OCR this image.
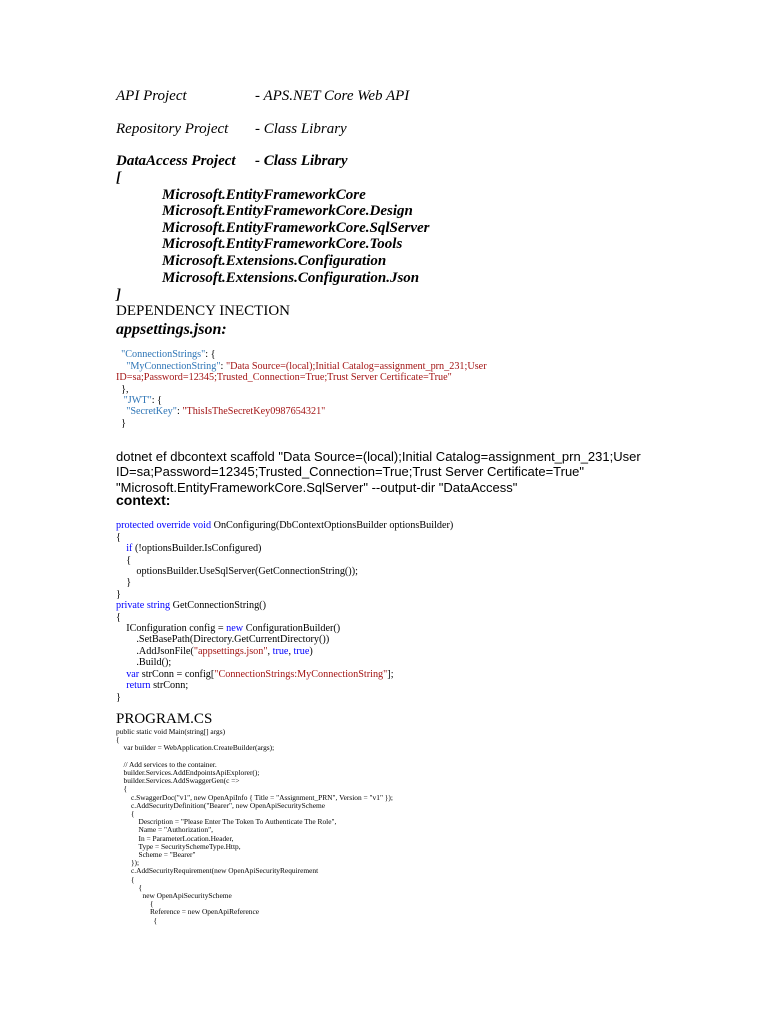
API Project	- APS.NET Core Web API
Repository Project - Class Library
DataAccess Project - Class Library
[
Microsoft.EntityFrameworkCore
Microsoft.EntityFrameworkCore.Design
Microsoft.EntityFrameworkCore.SqlServer
Microsoft.EntityFrameworkCore.Tools
Microsoft.Extensions.Configuration
Microsoft.Extensions.Configuration.Json
]
DEPENDENCY INECTION
appsettings.json:

"ConnectionStrings": {
"MyConnectionString": "Data Source=(local);Initial Catalog=assignment_prn_231;User
ID=sa;Password=12345;Trusted_Connection=True;Trust Server Certificate=True"
},
"JWT": {
"SecretKey": "ThisIsTheSecretKey0987654321"
}

dotnet ef dbcontext scaffold "Data Source=(local);Initial Catalog=assignment_prn_231;User
ID=sa;Password=12345;Trusted_Connection=True;Trust Server Certificate=True"
"Microsoft.EntityFrameworkCore.SqlServer" --output-dir "DataAccess"

context:

protected override void OnConfiguring(DbContextOptionsBuilder optionsBuilder)
{
if (!optionsBuilder.IsConfigured)
{
optionsBuilder.UseSqlServer(GetConnectionString());
}
}
private string GetConnectionString()
{
IConfiguration config = new ConfigurationBuilder()
.SetBasePath(Directory.GetCurrentDirectory())
.AddJsonFile("appsettings.json", true, true)
.Build();
var strConn = config["ConnectionStrings:MyConnectionString"];
return strConn;
}

PROGRAM.CS
public static void Main(string[] args)
{
var builder = WebApplication.CreateBuilder(args);
// Add services to the container.
builder.Services.AddEndpointsApiExplorer();
builder.Services.AddSwaggerGen(c =>
{
c.SwaggerDoc("v1", new OpenApiInfo { Title = "Assignment_PRN", Version = "v1" });
c.AddSecurityDefinition("Bearer", new OpenApiSecurityScheme
{
Description = "Please Enter The Token To Authenticate The Role",
Name = "Authorization",
In = ParameterLocation.Header,
Type = SecuritySchemeType.Http,
Scheme = "Bearer"
});
c.AddSecurityRequirement(new OpenApiSecurityRequirement
{
{
new OpenApiSecurityScheme
{
Reference = new OpenApiReference
{
